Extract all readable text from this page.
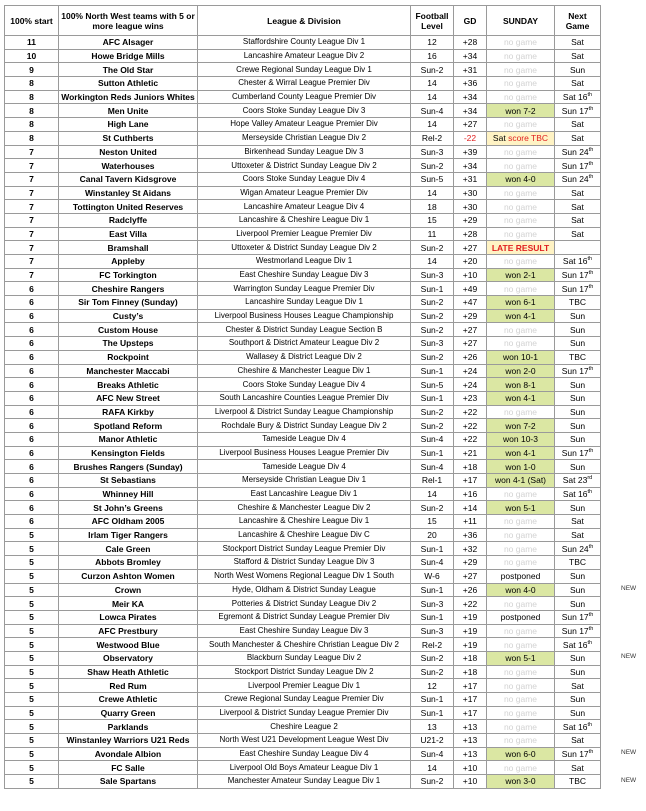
100% start	100% North West teams with 5 or more league wins	League & Division	Football Level	GD	SUNDAY	Next Game
11	AFC Alsager	Staffordshire County League Div 1	12	+28	no game	Sat
10	Howe Bridge Mills	Lancashire Amateur League Div 2	16	+34	no game	Sat
9	The Old Star	Crewe Regional Sunday League Div 1	Sun-2	+31	no game	Sun
8	Sutton Athletic	Chester & Wirral League Premier Div	14	+36	no game	Sat
8	Workington Reds Juniors Whites	Cumberland County League Premier Div	14	+34	no game	Sat 16th
8	Men Unite	Coors Stoke Sunday League Div 3	Sun-4	+34	won 7-2	Sun 17th
8	High Lane	Hope Valley Amateur League Premier Div	14	+27	no game	Sat
8	St Cuthberts	Merseyside Christian League Div 2	Rel-2	-22	Sat score TBC	Sat
7	Neston United	Birkenhead Sunday League Div 3	Sun-3	+39	no game	Sun 24th
7	Waterhouses	Uttoxeter & District Sunday League Div 2	Sun-2	+34	no game	Sun 17th
7	Canal Tavern Kidsgrove	Coors Stoke Sunday League Div 4	Sun-5	+31	won 4-0	Sun 24th
7	Winstanley St Aidans	Wigan Amateur League Premier Div	14	+30	no game	Sat
7	Tottington United Reserves	Lancashire Amateur League Div 4	18	+30	no game	Sat
7	Radclyffe	Lancashire & Cheshire League Div 1	15	+29	no game	Sat
7	East Villa	Liverpool Premier League Premier Div	11	+28	no game	Sat
7	Bramshall	Uttoxeter & District Sunday League Div 2	Sun-2	+27	LATE RESULT	
7	Appleby	Westmorland League Div 1	14	+20	no game	Sat 16th
7	FC Torkington	East Cheshire Sunday League Div 3	Sun-3	+10	won 2-1	Sun 17th
6	Cheshire Rangers	Warrington Sunday League Premier Div	Sun-1	+49	no game	Sun 17th
6	Sir Tom Finney (Sunday)	Lancashire Sunday League Div 1	Sun-2	+47	won 6-1	TBC
6	Custy’s	Liverpool Business Houses League Championship	Sun-2	+29	won 4-1	Sun
6	Custom House	Chester & District Sunday League Section B	Sun-2	+27	no game	Sun
6	The Upsteps	Southport & District Amateur League Div 2	Sun-3	+27	no game	Sun
6	Rockpoint	Wallasey & District League Div 2	Sun-2	+26	won 10-1	TBC
6	Manchester Maccabi	Cheshire & Manchester League Div 1	Sun-1	+24	won 2-0	Sun 17th
6	Breaks Athletic	Coors Stoke Sunday League Div 4	Sun-5	+24	won 8-1	Sun
6	AFC New Street	South Lancashire Counties League Premier Div	Sun-1	+23	won 4-1	Sun
6	RAFA Kirkby	Liverpool & District Sunday League Championship	Sun-2	+22	no game	Sun
6	Spotland Reform	Rochdale Bury & District Sunday League Div 2	Sun-2	+22	won 7-2	Sun
6	Manor Athletic	Tameside League Div 4	Sun-4	+22	won 10-3	Sun
6	Kensington Fields	Liverpool Business Houses League Premier Div	Sun-1	+21	won 4-1	Sun 17th
6	Brushes Rangers (Sunday)	Tameside League Div 4	Sun-4	+18	won 1-0	Sun
6	St Sebastians	Merseyside Christian League Div 1	Rel-1	+17	won 4-1 (Sat)	Sat 23rd
6	Whinney Hill	East Lancashire League Div 1	14	+16	no game	Sat 16th
6	St John’s Greens	Cheshire & Manchester League Div 2	Sun-2	+14	won 5-1	Sun
6	AFC Oldham 2005	Lancashire & Cheshire League Div 1	15	+11	no game	Sat
5	Irlam Tiger Rangers	Lancashire & Cheshire League Div C	20	+36	no game	Sat
5	Cale Green	Stockport District Sunday League Premier Div	Sun-1	+32	no game	Sun 24th
5	Abbots Bromley	Stafford & District Sunday League Div 3	Sun-4	+29	no game	TBC
5	Curzon Ashton Women	North West Womens Regional League Div 1 South	W-6	+27	postponed	Sun
5	Crown	Hyde, Oldham & District Sunday League	Sun-1	+26	won 4-0	Sun
5	Meir KA	Potteries & District Sunday League Div 2	Sun-3	+22	no game	Sun
5	Lowca Pirates	Egremont & District Sunday League Premier Div	Sun-1	+19	postponed	Sun 17th
5	AFC Prestbury	East Cheshire Sunday League Div 3	Sun-3	+19	no game	Sun 17th
5	Westwood Blue	South Manchester & Cheshire Christian League Div 2	Rel-2	+19	no game	Sat 16th
5	Observatory	Blackburn Sunday League Div 2	Sun-2	+18	won 5-1	Sun
5	Shaw Heath Athletic	Stockport District Sunday League Div 2	Sun-2	+18	no game	Sun
5	Red Rum	Liverpool Premier League Div 1	12	+17	no game	Sat
5	Crewe Athletic	Crewe Regional Sunday League Premier Div	Sun-1	+17	no game	Sun
5	Quarry Green	Liverpool & District Sunday League Premier Div	Sun-1	+17	no game	Sun
5	Parklands	Cheshire League 2	13	+13	no game	Sat 16th
5	Winstanley Warriors U21 Reds	North West U21 Development League West Div	U21-2	+13	no game	Sat
5	Avondale Albion	East Cheshire Sunday League Div 4	Sun-4	+13	won 6-0	Sun 17th
5	FC Salle	Liverpool Old Boys Amateur League Div 1	14	+10	no game	Sat
5	Sale Spartans	Manchester Amateur Sunday League Div 1	Sun-2	+10	won 3-0	TBC
NEW
NEW
NEW
NEW
